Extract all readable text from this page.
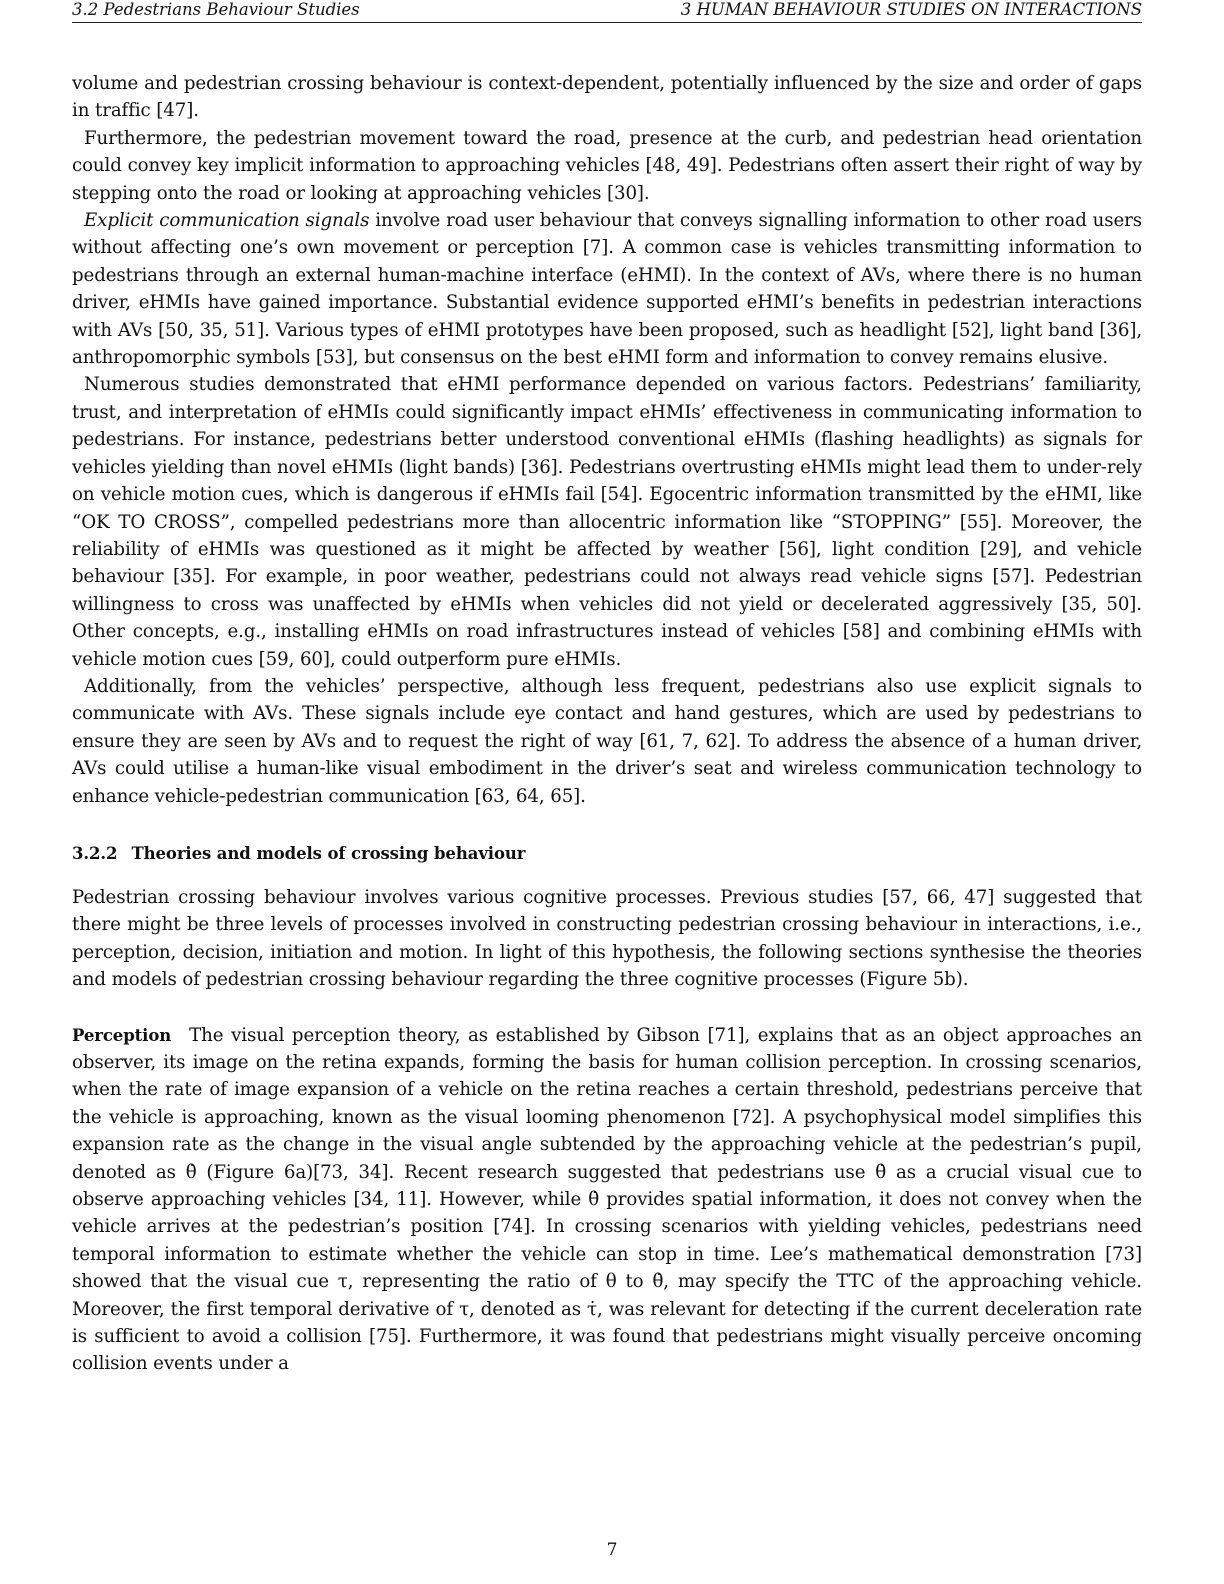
3.2 Pedestrians Behaviour Studies	3 HUMAN BEHAVIOUR STUDIES ON INTERACTIONS

volume and pedestrian crossing behaviour is context-dependent, potentially influenced by the size and order of gaps in traffic [47].

Furthermore, the pedestrian movement toward the road, presence at the curb, and pedestrian head orientation could convey key implicit information to approaching vehicles [48, 49]. Pedestrians often assert their right of way by stepping onto the road or looking at approaching vehicles [30].

Explicit communication signals involve road user behaviour that conveys signalling information to other road users without affecting one’s own movement or perception [7]. A common case is vehicles transmitting information to pedestrians through an external human-machine interface (eHMI). In the context of AVs, where there is no human driver, eHMIs have gained importance. Substantial evidence supported eHMI’s benefits in pedestrian interactions with AVs [50, 35, 51]. Various types of eHMI prototypes have been proposed, such as headlight [52], light band [36], anthropomorphic symbols [53], but consensus on the best eHMI form and information to convey remains elusive.

Numerous studies demonstrated that eHMI performance depended on various factors. Pedestrians’ familiarity, trust, and interpretation of eHMIs could significantly impact eHMIs’ effectiveness in communicating information to pedestrians. For instance, pedestrians better understood conventional eHMIs (flashing headlights) as signals for vehicles yielding than novel eHMIs (light bands) [36]. Pedestrians overtrusting eHMIs might lead them to under-rely on vehicle motion cues, which is dangerous if eHMIs fail [54]. Egocentric information transmitted by the eHMI, like “OK TO CROSS”, compelled pedestrians more than allocentric information like “STOPPING” [55]. Moreover, the reliability of eHMIs was questioned as it might be affected by weather [56], light condition [29], and vehicle behaviour [35]. For example, in poor weather, pedestrians could not always read vehicle signs [57]. Pedestrian willingness to cross was unaffected by eHMIs when vehicles did not yield or decelerated aggressively [35, 50]. Other concepts, e.g., installing eHMIs on road infrastructures instead of vehicles [58] and combining eHMIs with vehicle motion cues [59, 60], could outperform pure eHMIs.

Additionally, from the vehicles’ perspective, although less frequent, pedestrians also use explicit signals to communicate with AVs. These signals include eye contact and hand gestures, which are used by pedestrians to ensure they are seen by AVs and to request the right of way [61, 7, 62]. To address the absence of a human driver, AVs could utilise a human-like visual embodiment in the driver’s seat and wireless communication technology to enhance vehicle-pedestrian communication [63, 64, 65].

3.2.2 Theories and models of crossing behaviour

Pedestrian crossing behaviour involves various cognitive processes. Previous studies [57, 66, 47] suggested that there might be three levels of processes involved in constructing pedestrian crossing behaviour in interactions, i.e., perception, decision, initiation and motion. In light of this hypothesis, the following sections synthesise the theories and models of pedestrian crossing behaviour regarding the three cognitive processes (Figure 5b).

Perception The visual perception theory, as established by Gibson [71], explains that as an object approaches an observer, its image on the retina expands, forming the basis for human collision perception. In crossing scenarios, when the rate of image expansion of a vehicle on the retina reaches a certain threshold, pedestrians perceive that the vehicle is approaching, known as the visual looming phenomenon [72]. A psychophysical model simplifies this expansion rate as the change in the visual angle subtended by the approaching vehicle at the pedestrian’s pupil, denoted as θ̇ (Figure 6a)[73, 34]. Recent research suggested that pedestrians use θ̇ as a crucial visual cue to observe approaching vehicles [34, 11]. However, while θ̇ provides spatial information, it does not convey when the vehicle arrives at the pedestrian’s position [74]. In crossing scenarios with yielding vehicles, pedestrians need temporal information to estimate whether the vehicle can stop in time. Lee’s mathematical demonstration [73] showed that the visual cue τ, representing the ratio of θ to θ̇, may specify the TTC of the approaching vehicle. Moreover, the first temporal derivative of τ, denoted as τ̇, was relevant for detecting if the current deceleration rate is sufficient to avoid a collision [75]. Furthermore, it was found that pedestrians might visually perceive oncoming collision events under a

7
